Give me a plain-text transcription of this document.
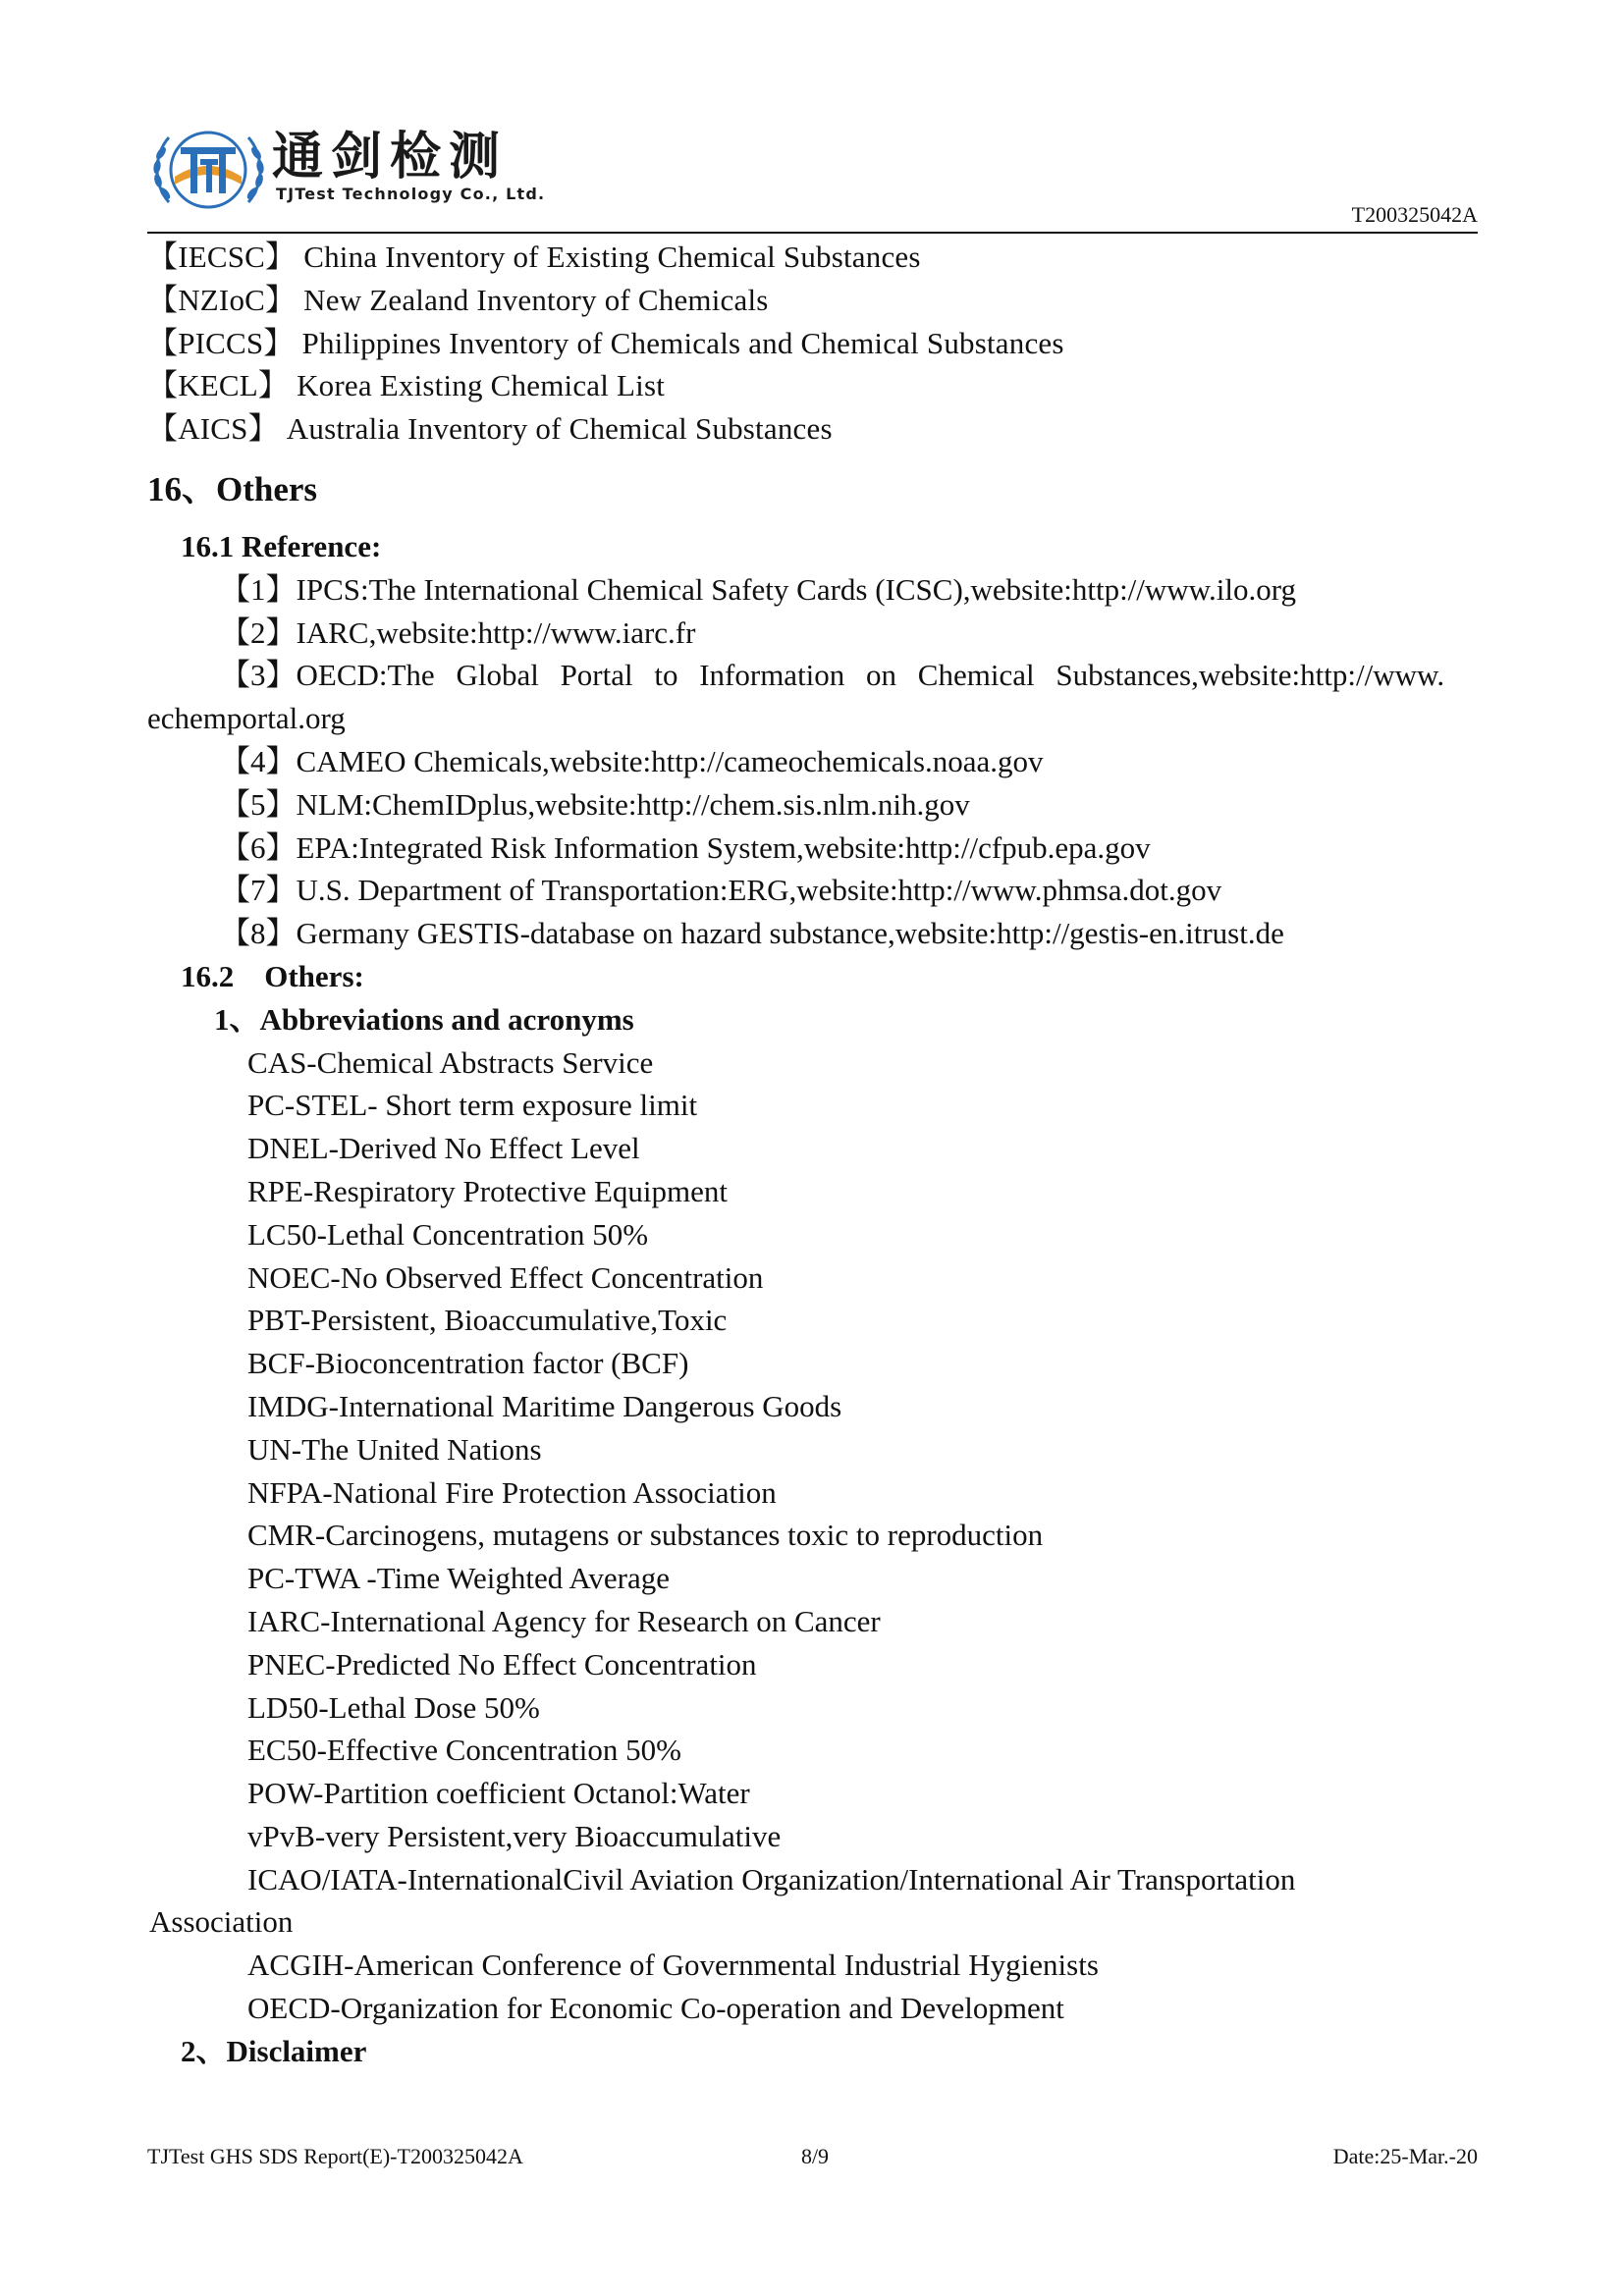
通剑检测
TJTest Technology Co., Ltd.
T200325042A
【IECSC】 China Inventory of Existing Chemical Substances
【NZIoC】 New Zealand Inventory of Chemicals
【PICCS】 Philippines Inventory of Chemicals and Chemical Substances
【KECL】 Korea Existing Chemical List
【AICS】 Australia Inventory of Chemical Substances
16、Others
16.1 Reference:
【1】IPCS:The International Chemical Safety Cards (ICSC),website:http://www.ilo.org
【2】IARC,website:http://www.iarc.fr
【3】OECD:The Global Portal to Information on Chemical Substances,website:http://www.
echemportal.org
【4】CAMEO Chemicals,website:http://cameochemicals.noaa.gov
【5】NLM:ChemIDplus,website:http://chem.sis.nlm.nih.gov
【6】EPA:Integrated Risk Information System,website:http://cfpub.epa.gov
【7】U.S. Department of Transportation:ERG,website:http://www.phmsa.dot.gov
【8】Germany GESTIS-database on hazard substance,website:http://gestis-en.itrust.de
16.2    Others:
1、Abbreviations and acronyms
CAS-Chemical Abstracts Service
PC-STEL- Short term exposure limit
DNEL-Derived No Effect Level
RPE-Respiratory Protective Equipment
LC50-Lethal Concentration 50%
NOEC-No Observed Effect Concentration
PBT-Persistent, Bioaccumulative,Toxic
BCF-Bioconcentration factor (BCF)
IMDG-International Maritime Dangerous Goods
UN-The United Nations
NFPA-National Fire Protection Association
CMR-Carcinogens, mutagens or substances toxic to reproduction
PC-TWA -Time Weighted Average
IARC-International Agency for Research on Cancer
PNEC-Predicted No Effect Concentration
LD50-Lethal Dose 50%
EC50-Effective Concentration 50%
POW-Partition coefficient Octanol:Water
vPvB-very Persistent,very Bioaccumulative
ICAO/IATA-InternationalCivil Aviation Organization/International Air Transportation
Association
ACGIH-American Conference of Governmental Industrial Hygienists
OECD-Organization for Economic Co-operation and Development
2、Disclaimer
TJTest GHS SDS Report(E)-T200325042A	8/9	Date:25-Mar.-20
